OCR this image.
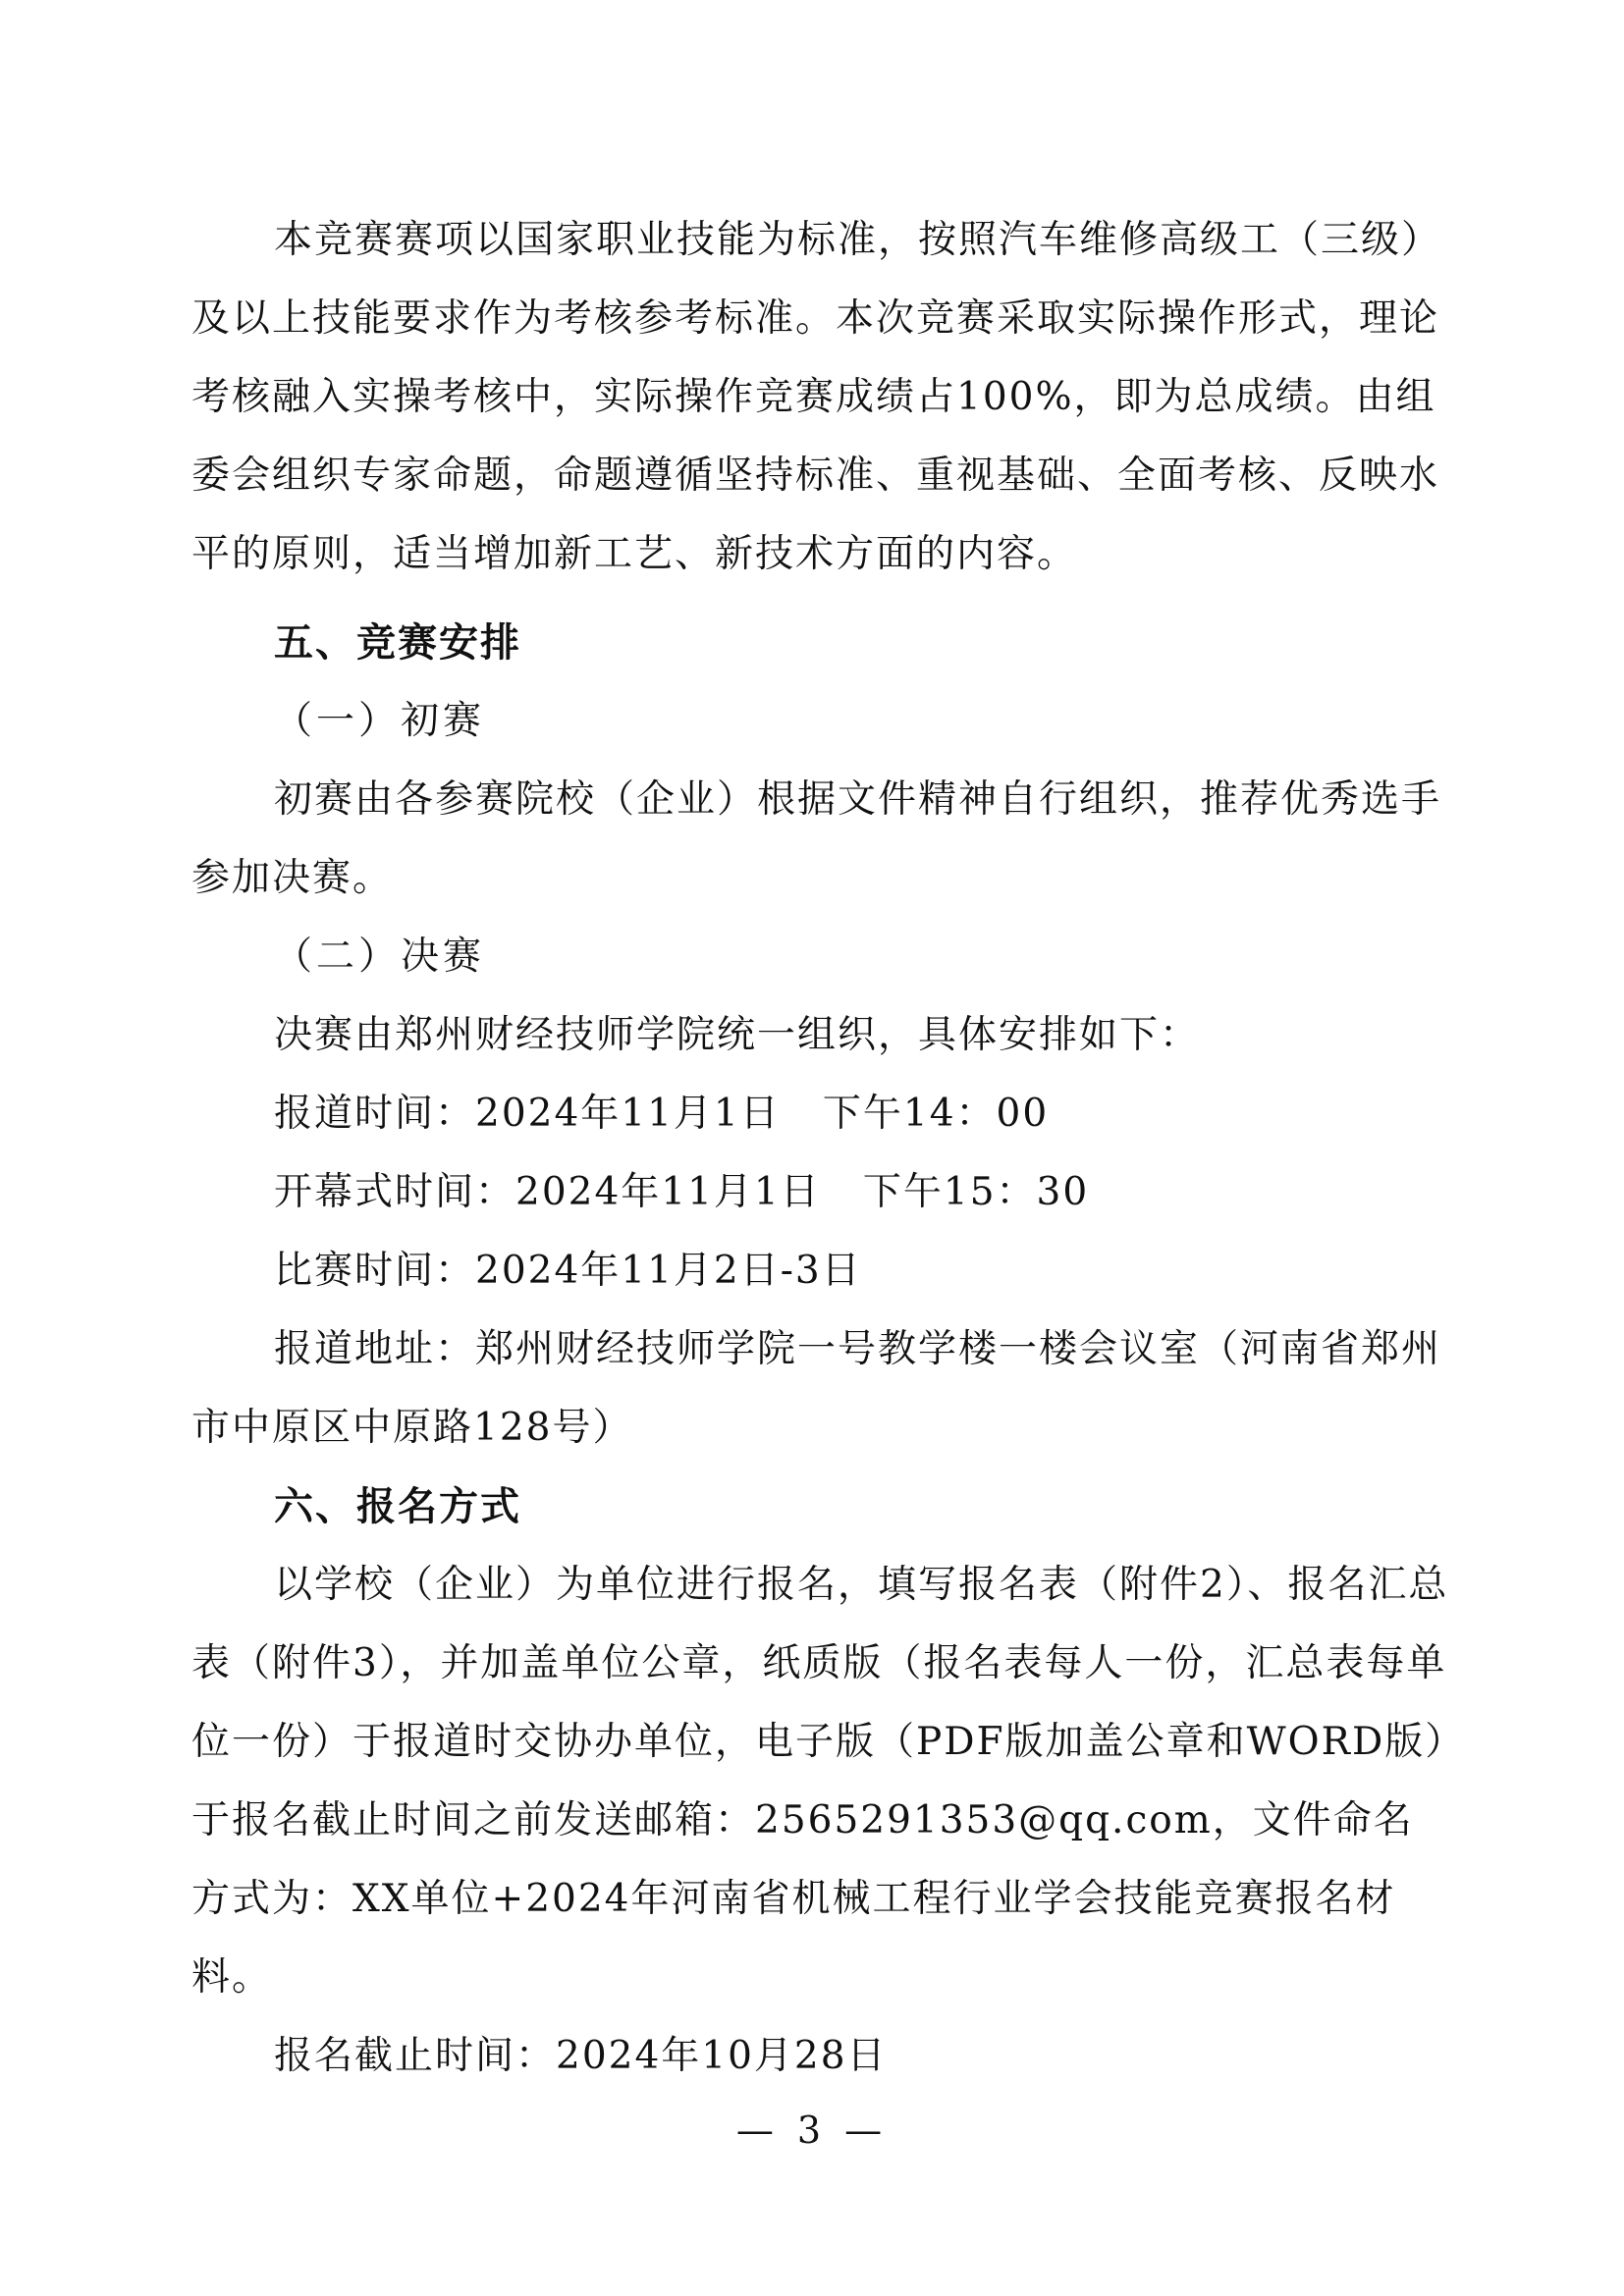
本竞赛赛项以国家职业技能为标准，按照汽车维修高级工（三级）及以上技能要求作为考核参考标准。本次竞赛采取实际操作形式，理论考核融入实操考核中，实际操作竞赛成绩占100%，即为总成绩。由组委会组织专家命题，命题遵循坚持标准、重视基础、全面考核、反映水平的原则，适当增加新工艺、新技术方面的内容。

五、竞赛安排

（一）初赛

初赛由各参赛院校（企业）根据文件精神自行组织，推荐优秀选手参加决赛。

（二）决赛

决赛由郑州财经技师学院统一组织，具体安排如下：

报道时间：2024年11月1日   下午14：00

开幕式时间：2024年11月1日   下午15：30

比赛时间：2024年11月2日-3日

报道地址：郑州财经技师学院一号教学楼一楼会议室（河南省郑州市中原区中原路128号）

六、报名方式

以学校（企业）为单位进行报名，填写报名表（附件2）、报名汇总表（附件3），并加盖单位公章，纸质版（报名表每人一份，汇总表每单位一份）于报道时交协办单位，电子版（PDF版加盖公章和WORD版）于报名截止时间之前发送邮箱：2565291353@qq.com，文件命名方式为：XX单位+2024年河南省机械工程行业学会技能竞赛报名材料。

报名截止时间：2024年10月28日

— 3 —
